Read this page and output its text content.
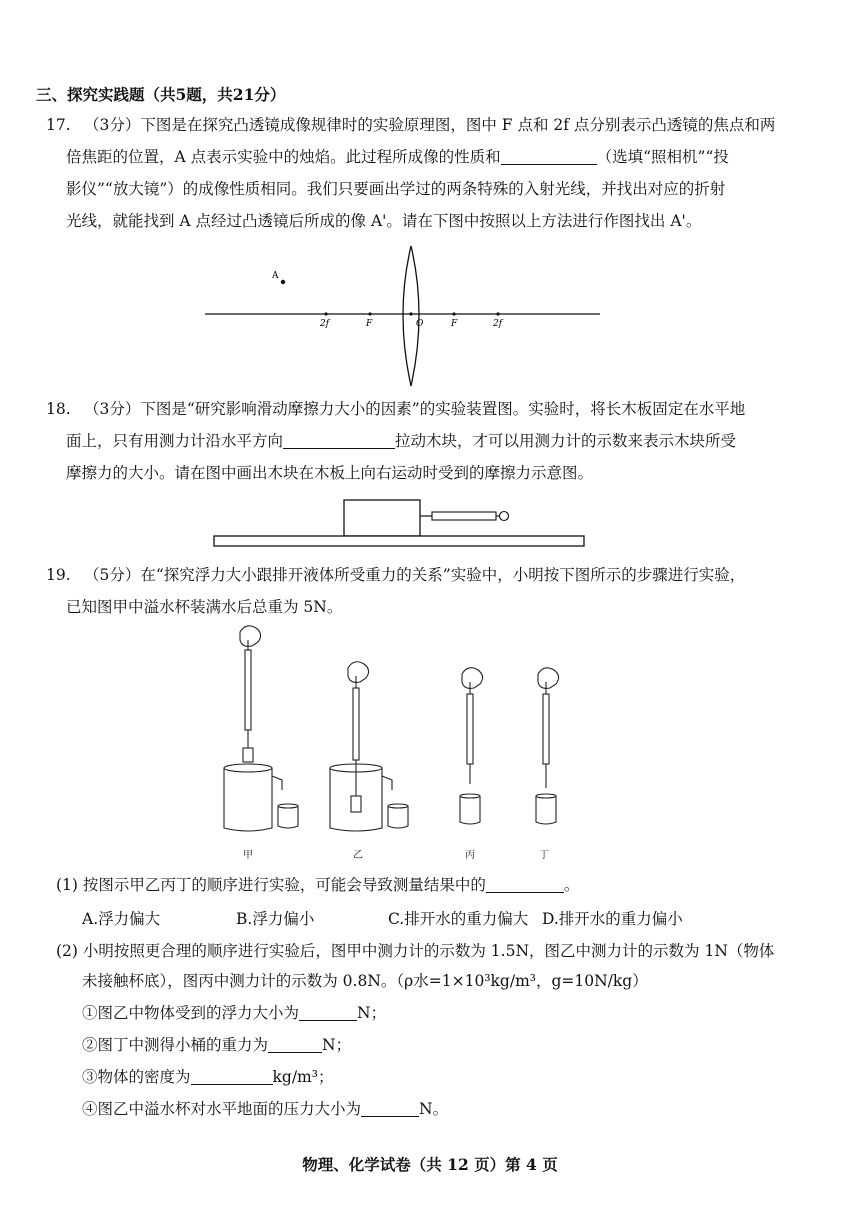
三、探究实践题（共5题，共21分）
17. （3分）下图是在探究凸透镜成像规律时的实验原理图，图中 F 点和 2f 点分别表示凸透镜的焦点和两
倍焦距的位置，A 点表示实验中的烛焰。此过程所成像的性质和	（选填“照相机”“投
影仪”“放大镜”）的成像性质相同。我们只要画出学过的两条特殊的入射光线，并找出对应的折射
光线，就能找到 A 点经过凸透镜后所成的像 A'。请在下图中按照以上方法进行作图找出 A'。
A
2f	F	O	F	2f
18. （3分）下图是“研究影响滑动摩擦力大小的因素”的实验装置图。实验时，将长木板固定在水平地
面上，只有用测力计沿水平方向	拉动木块，才可以用测力计的示数来表示木块所受
摩擦力的大小。请在图中画出木块在木板上向右运动时受到的摩擦力示意图。
19. （5分）在“探究浮力大小跟排开液体所受重力的关系”实验中，小明按下图所示的步骤进行实验，
已知图甲中溢水杯装满水后总重为 5N。
甲	乙	丙	丁
(1) 按图示甲乙丙丁的顺序进行实验，可能会导致测量结果中的	。
A.浮力偏大	B.浮力偏小	C.排开水的重力偏大 D.排开水的重力偏小
(2) 小明按照更合理的顺序进行实验后，图甲中测力计的示数为 1.5N，图乙中测力计的示数为 1N（物体
未接触杯底），图丙中测力计的示数为 0.8N。（ρ水=1×10³kg/m³，g=10N/kg）
①图乙中物体受到的浮力大小为	N；
②图丁中测得小桶的重力为	N；
③物体的密度为	kg/m³；
④图乙中溢水杯对水平地面的压力大小为	N。
物理、化学试卷（共 12 页）第 4 页
